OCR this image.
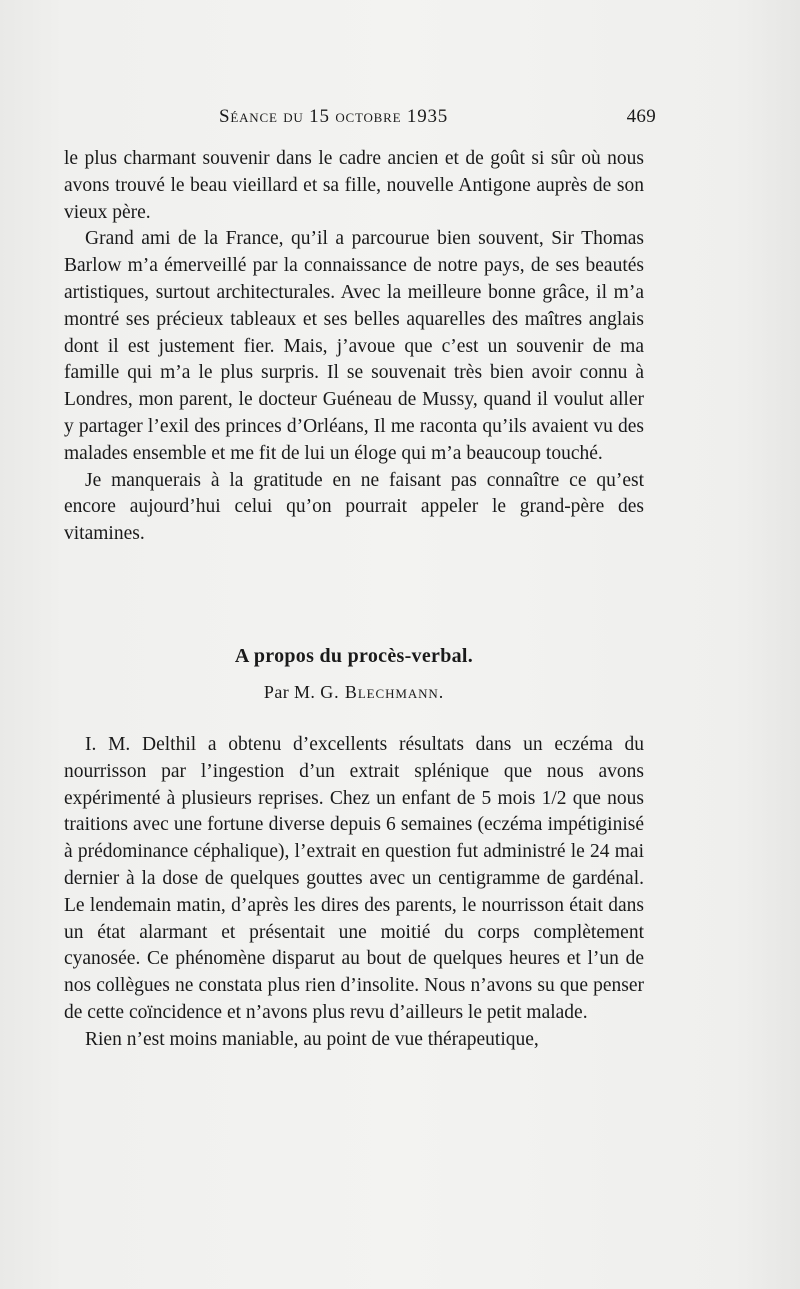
Séance du 15 octobre 1935	469

le plus charmant souvenir dans le cadre ancien et de goût si sûr où nous avons trouvé le beau vieillard et sa fille, nouvelle Antigone auprès de son vieux père.

Grand ami de la France, qu’il a parcourue bien souvent, Sir Thomas Barlow m’a émerveillé par la connaissance de notre pays, de ses beautés artistiques, surtout architecturales. Avec la meilleure bonne grâce, il m’a montré ses précieux tableaux et ses belles aquarelles des maîtres anglais dont il est justement fier. Mais, j’avoue que c’est un souvenir de ma famille qui m’a le plus surpris. Il se souvenait très bien avoir connu à Londres, mon parent, le docteur Guéneau de Mussy, quand il voulut aller y partager l’exil des princes d’Orléans, Il me raconta qu’ils avaient vu des malades ensemble et me fit de lui un éloge qui m’a beaucoup touché.

Je manquerais à la gratitude en ne faisant pas connaître ce qu’est encore aujourd’hui celui qu’on pourrait appeler le grand-père des vitamines.

A propos du procès-verbal.
Par M. G. Blechmann.

I. M. Delthil a obtenu d’excellents résultats dans un eczéma du nourrisson par l’ingestion d’un extrait splénique que nous avons expérimenté à plusieurs reprises. Chez un enfant de 5 mois 1/2 que nous traitions avec une fortune diverse depuis 6 semaines (eczéma impétiginisé à prédominance céphalique), l’extrait en question fut administré le 24 mai dernier à la dose de quelques gouttes avec un centigramme de gardénal. Le lendemain matin, d’après les dires des parents, le nourrisson était dans un état alarmant et présentait une moitié du corps complètement cyanosée. Ce phénomène disparut au bout de quelques heures et l’un de nos collègues ne constata plus rien d’insolite. Nous n’avons su que penser de cette coïncidence et n’avons plus revu d’ailleurs le petit malade.

Rien n’est moins maniable, au point de vue thérapeutique,
